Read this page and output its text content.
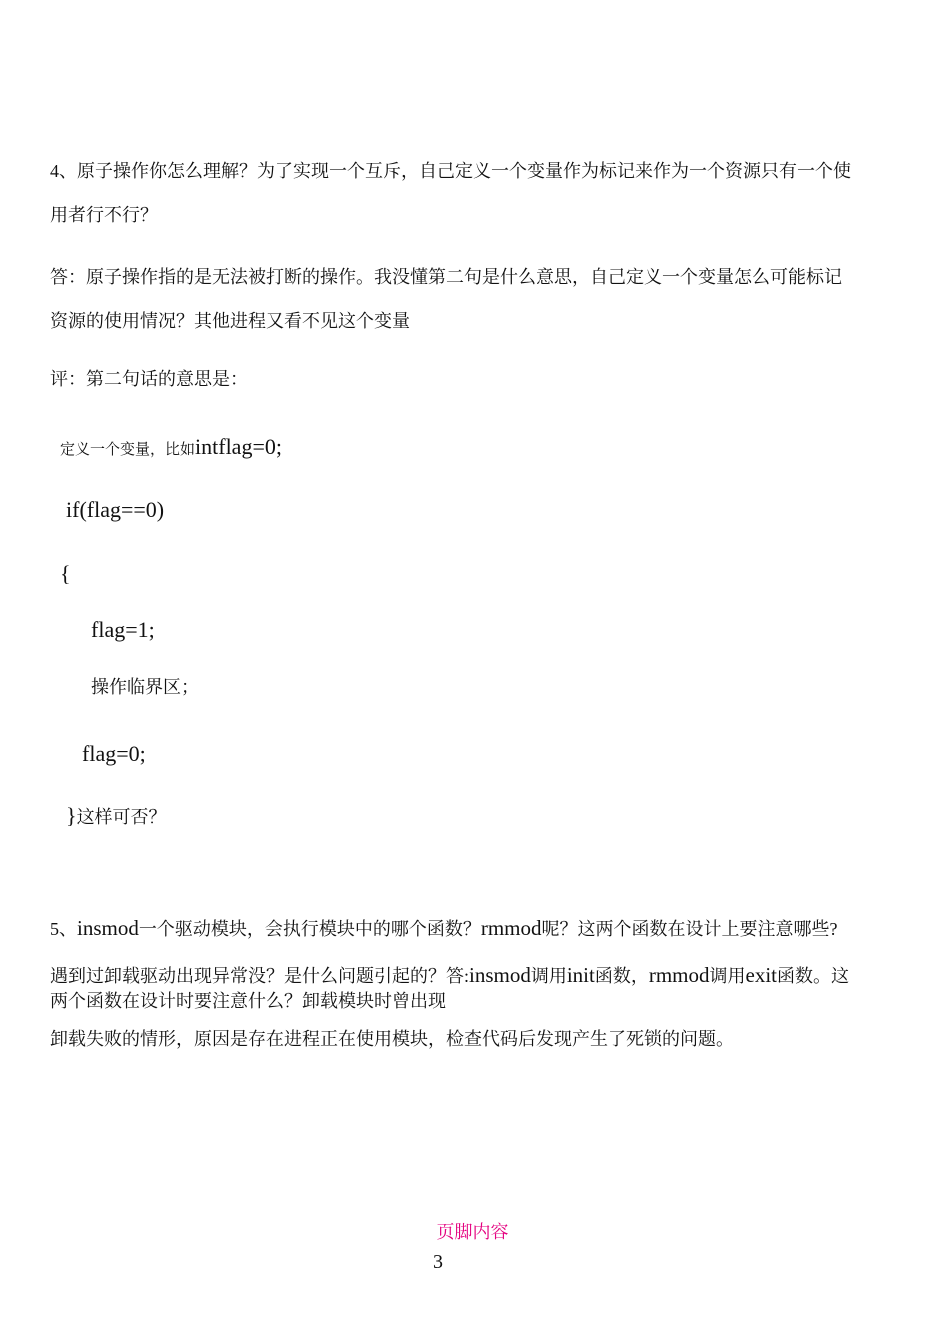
4、原子操作你怎么理解？为了实现一个互斥，自己定义一个变量作为标记来作为一个资源只有一个使
用者行不行？
答：原子操作指的是无法被打断的操作。我没懂第二句是什么意思，自己定义一个变量怎么可能标记
资源的使用情况？其他进程又看不见这个变量
评：第二句话的意思是：
定义一个变量，比如intflag=0;
if(flag==0)
{
flag=1;
操作临界区；
flag=0;
}这样可否？
5、insmod一个驱动模块，会执行模块中的哪个函数？rmmod呢？这两个函数在设计上要注意哪些?
遇到过卸载驱动出现异常没？是什么问题引起的？答:insmod调用init函数，rmmod调用exit函数。这
两个函数在设计时要注意什么？卸载模块时曾出现
卸载失败的情形，原因是存在进程正在使用模块，检查代码后发现产生了死锁的问题。
页脚内容
3
